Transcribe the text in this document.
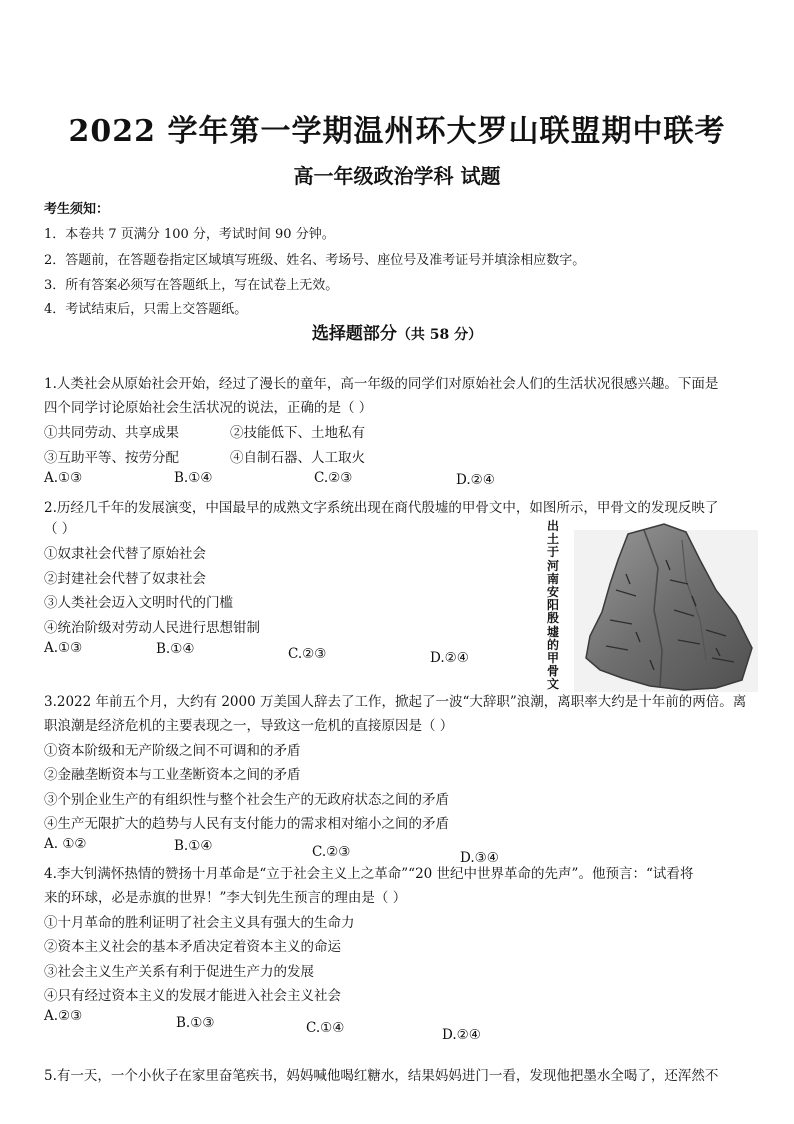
2022 学年第一学期温州环大罗山联盟期中联考
高一年级政治学科 试题
考生须知：
1．本卷共 7 页满分 100 分，考试时间 90 分钟。
2．答题前，在答题卷指定区域填写班级、姓名、考场号、座位号及准考证号并填涂相应数字。
3．所有答案必须写在答题纸上，写在试卷上无效。
4．考试结束后，只需上交答题纸。
选择题部分（共 58 分）
1.人类社会从原始社会开始，经过了漫长的童年，高一年级的同学们对原始社会人们的生活状况很感兴趣。下面是
四个同学讨论原始社会生活状况的说法，正确的是（ ）
①共同劳动、共享成果	②技能低下、土地私有
③互助平等、按劳分配	④自制石器、人工取火
A.①③	B.①④	C.②③	D.②④
2.历经几千年的发展演变，中国最早的成熟文字系统出现在商代殷墟的甲骨文中，如图所示，甲骨文的发现反映了
（ ）
①奴隶社会代替了原始社会
②封建社会代替了奴隶社会
③人类社会迈入文明时代的门槛
④统治阶级对劳动人民进行思想钳制
A.①③	B.①④	C.②③	D.②④
出土于河南安阳殷墟的甲骨文
3.2022 年前五个月，大约有 2000 万美国人辞去了工作，掀起了一波“大辞职”浪潮，离职率大约是十年前的两倍。离
职浪潮是经济危机的主要表现之一，导致这一危机的直接原因是（ ）
①资本阶级和无产阶级之间不可调和的矛盾
②金融垄断资本与工业垄断资本之间的矛盾
③个别企业生产的有组织性与整个社会生产的无政府状态之间的矛盾
④生产无限扩大的趋势与人民有支付能力的需求相对缩小之间的矛盾
A. ①②	B.①④	C.②③	D.③④
4.李大钊满怀热情的赞扬十月革命是“立于社会主义上之革命”“20 世纪中世界革命的先声”。他预言：“试看将
来的环球，必是赤旗的世界！”李大钊先生预言的理由是（ ）
①十月革命的胜利证明了社会主义具有强大的生命力
②资本主义社会的基本矛盾决定着资本主义的命运
③社会主义生产关系有利于促进生产力的发展
④只有经过资本主义的发展才能进入社会主义社会
A.②③	B.①③	C.①④	D.②④
5.有一天，一个小伙子在家里奋笔疾书，妈妈喊他喝红糖水，结果妈妈进门一看，发现他把墨水全喝了，还浑然不
